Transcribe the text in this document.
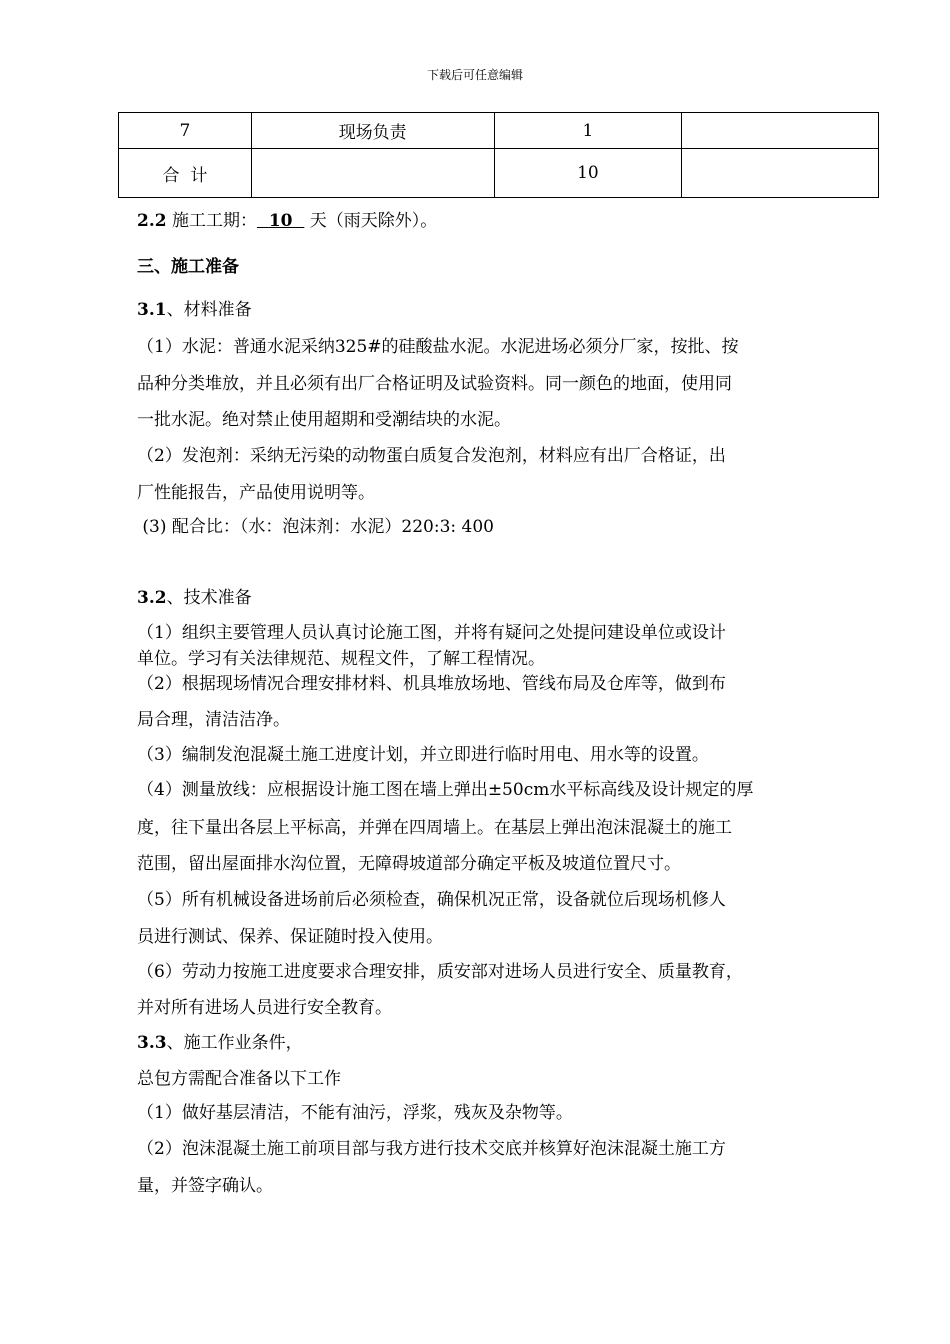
下载后可任意编辑
7	现场负责	1	
合  计		10	
2.2 施工工期： 10 天（雨天除外）。
三、施工准备
3.1、材料准备
（1）水泥：普通水泥采纳325#的硅酸盐水泥。水泥进场必须分厂家，按批、按
品种分类堆放，并且必须有出厂合格证明及试验资料。同一颜色的地面，使用同
一批水泥。绝对禁止使用超期和受潮结块的水泥。
（2）发泡剂：采纳无污染的动物蛋白质复合发泡剂，材料应有出厂合格证，出
厂性能报告，产品使用说明等。
(3) 配合比：（水：泡沫剂：水泥）220:3: 400
3.2、技术准备
（1）组织主要管理人员认真讨论施工图，并将有疑问之处提问建设单位或设计
单位。学习有关法律规范、规程文件，了解工程情况。
（2）根据现场情况合理安排材料、机具堆放场地、管线布局及仓库等，做到布
局合理，清洁洁净。
（3）编制发泡混凝土施工进度计划，并立即进行临时用电、用水等的设置。
（4）测量放线：应根据设计施工图在墙上弹出±50cm水平标高线及设计规定的厚
度，往下量出各层上平标高，并弹在四周墙上。在基层上弹出泡沫混凝土的施工
范围，留出屋面排水沟位置，无障碍坡道部分确定平板及坡道位置尺寸。
（5）所有机械设备进场前后必须检查，确保机况正常，设备就位后现场机修人
员进行测试、保养、保证随时投入使用。
（6）劳动力按施工进度要求合理安排，质安部对进场人员进行安全、质量教育，
并对所有进场人员进行安全教育。
3.3、施工作业条件，
总包方需配合准备以下工作
（1）做好基层清洁，不能有油污，浮浆，残灰及杂物等。
（2）泡沫混凝土施工前项目部与我方进行技术交底并核算好泡沫混凝土施工方
量，并签字确认。
